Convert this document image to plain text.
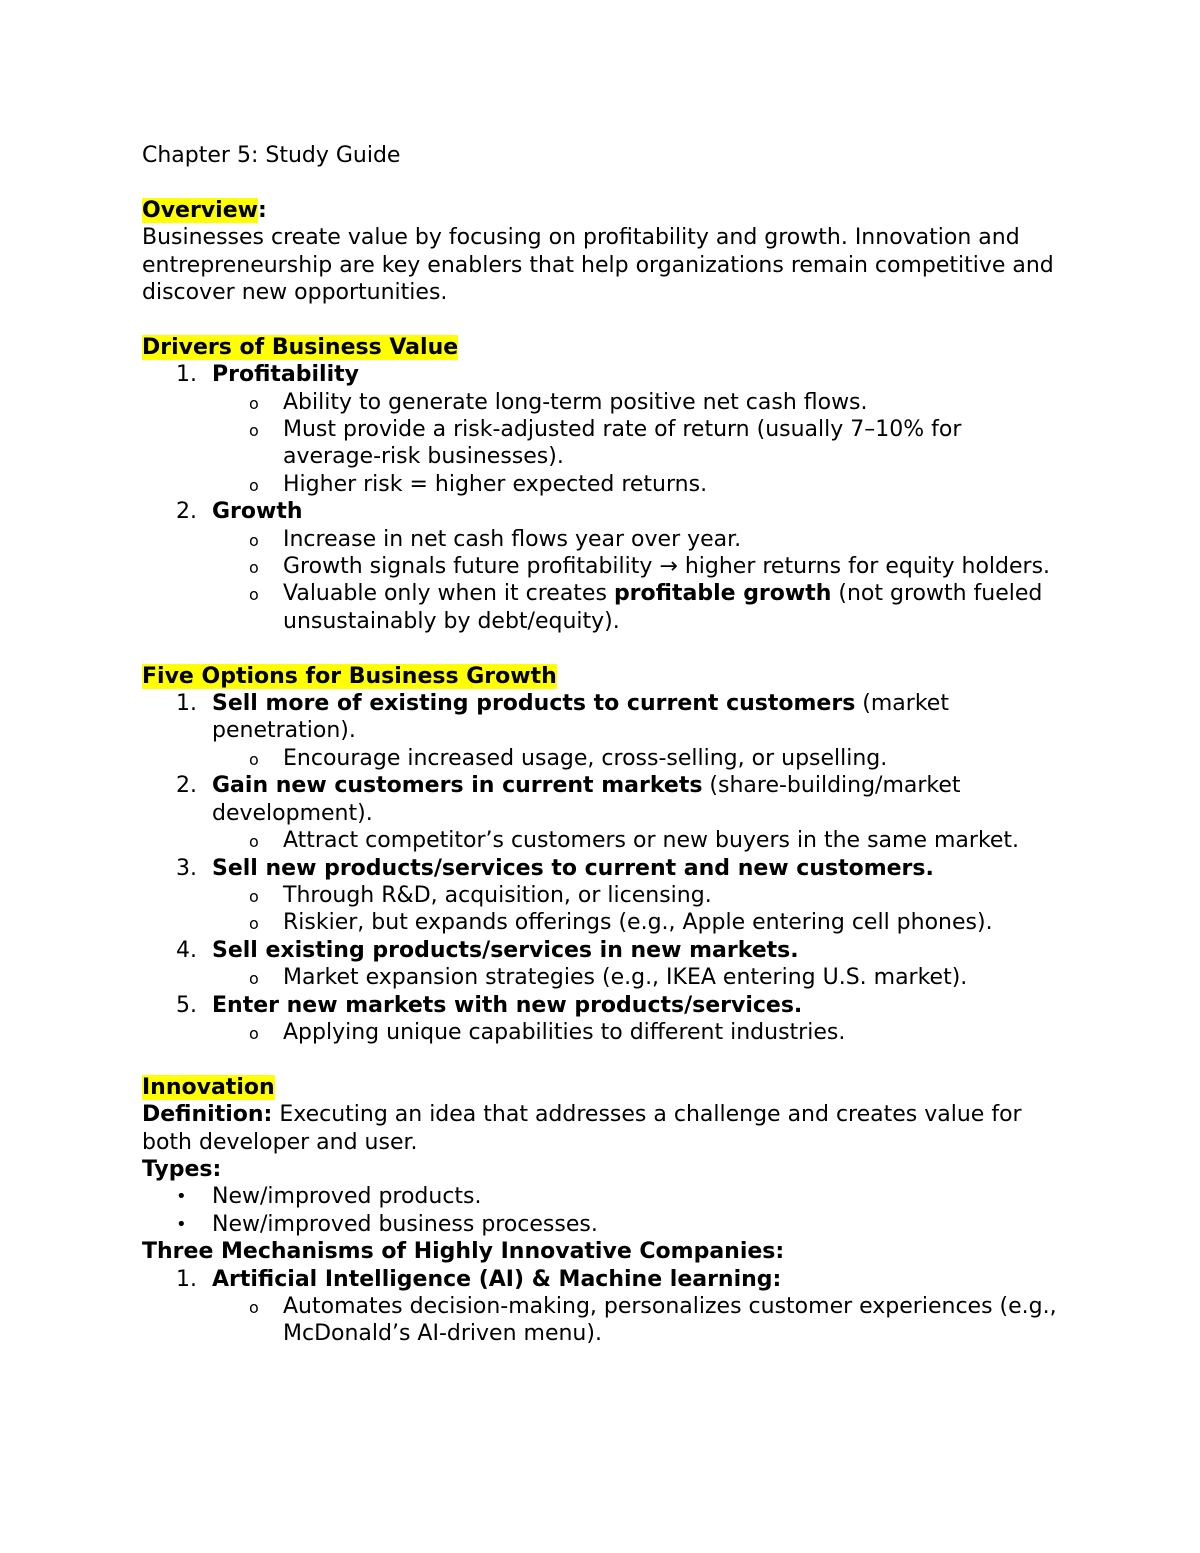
Chapter 5: Study Guide

Overview:

Businesses create value by focusing on profitability and growth. Innovation and entrepreneurship are key enablers that help organizations remain competitive and discover new opportunities.

Drivers of Business Value

1. Profitability
o Ability to generate long-term positive net cash flows.
o Must provide a risk-adjusted rate of return (usually 7–10% for average-risk businesses).
o Higher risk = higher expected returns.
2. Growth
o Increase in net cash flows year over year.
o Growth signals future profitability → higher returns for equity holders.
o Valuable only when it creates profitable growth (not growth fueled unsustainably by debt/equity).

Five Options for Business Growth

1. Sell more of existing products to current customers (market penetration).
o Encourage increased usage, cross-selling, or upselling.
2. Gain new customers in current markets (share-building/market development).
o Attract competitor’s customers or new buyers in the same market.
3. Sell new products/services to current and new customers.
o Through R&D, acquisition, or licensing.
o Riskier, but expands offerings (e.g., Apple entering cell phones).
4. Sell existing products/services in new markets.
o Market expansion strategies (e.g., IKEA entering U.S. market).
5. Enter new markets with new products/services.
o Applying unique capabilities to different industries.

Innovation

Definition: Executing an idea that addresses a challenge and creates value for both developer and user.

Types:

• New/improved products.
• New/improved business processes.

Three Mechanisms of Highly Innovative Companies:

1. Artificial Intelligence (AI) & Machine learning:
o Automates decision-making, personalizes customer experiences (e.g., McDonald’s AI-driven menu).
